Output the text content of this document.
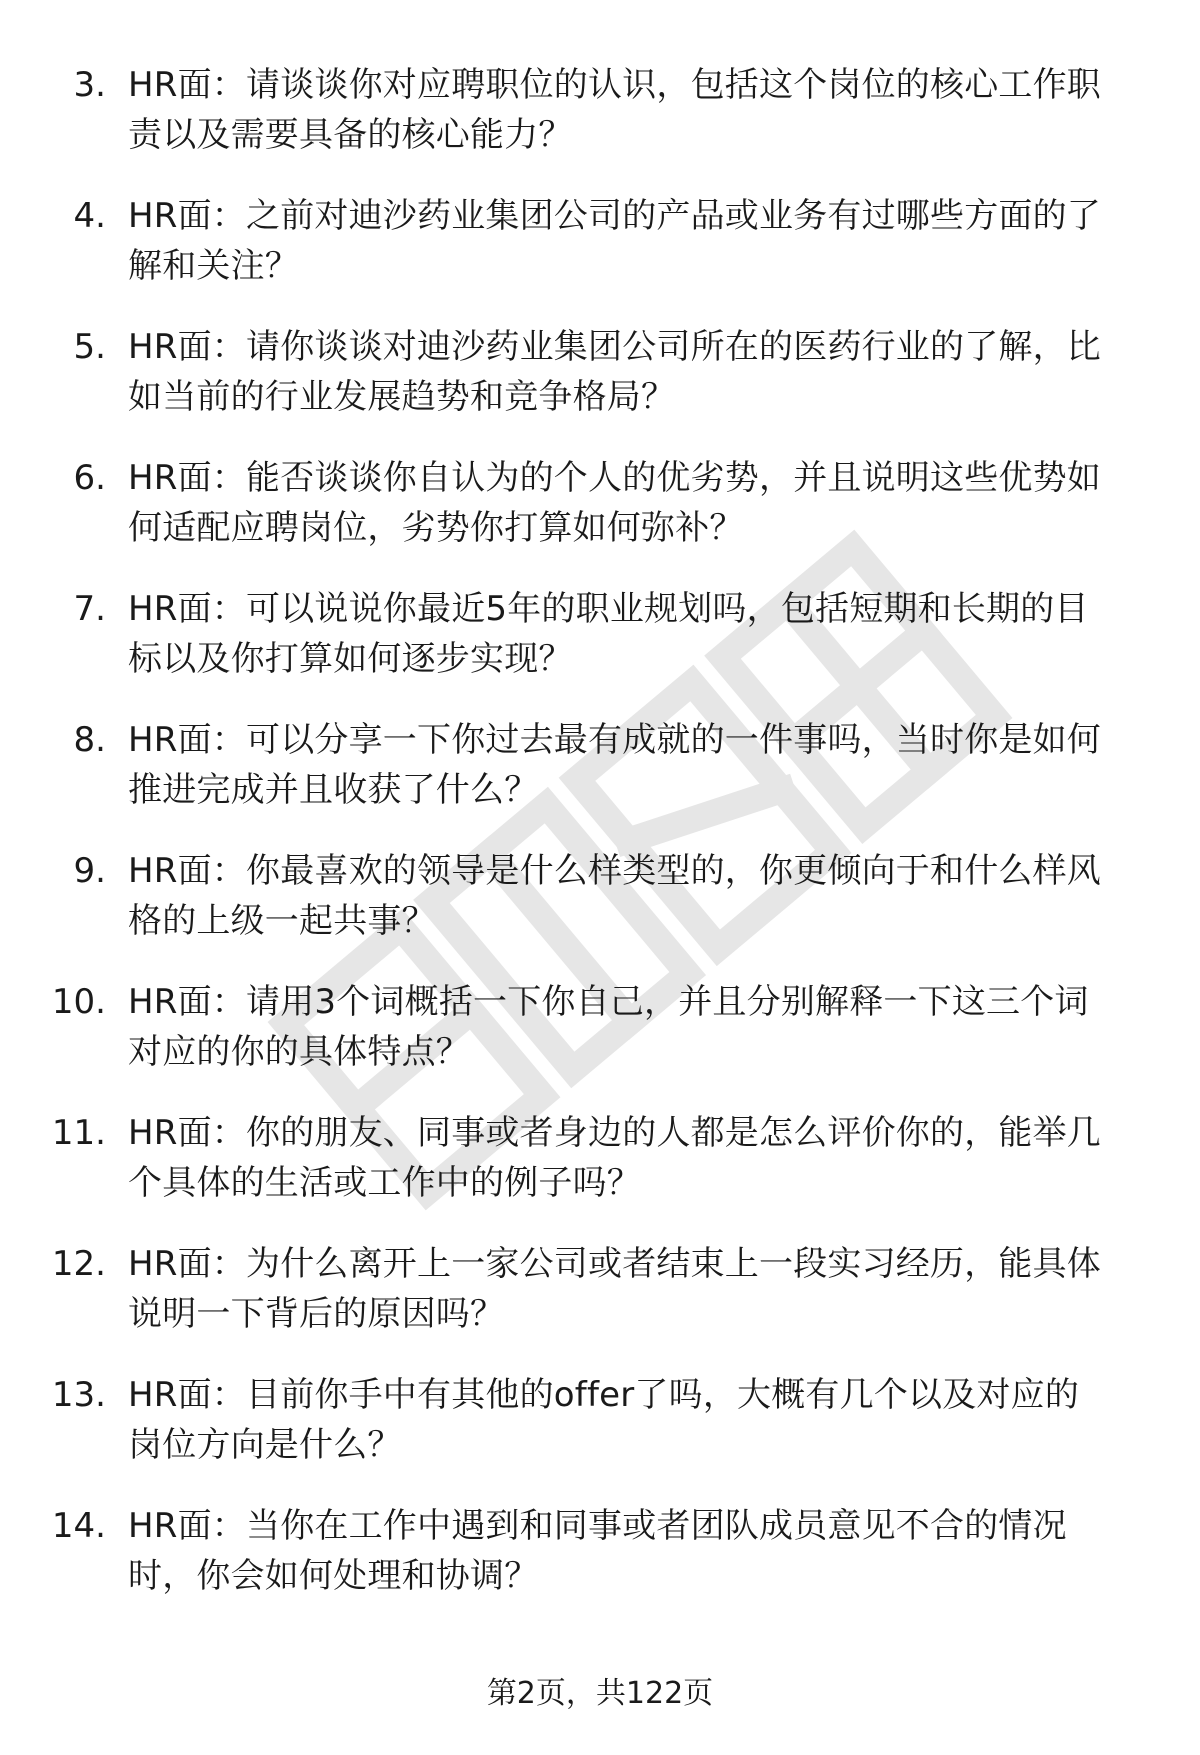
3. HR面：请谈谈你对应聘职位的认识，包括这个岗位的核心工作职
责以及需要具备的核心能力？
4. HR面：之前对迪沙药业集团公司的产品或业务有过哪些方面的了
解和关注？
5. HR面：请你谈谈对迪沙药业集团公司所在的医药行业的了解，比
如当前的行业发展趋势和竞争格局？
6. HR面：能否谈谈你自认为的个人的优劣势，并且说明这些优势如
何适配应聘岗位，劣势你打算如何弥补？
7. HR面：可以说说你最近5年的职业规划吗，包括短期和长期的目
标以及你打算如何逐步实现？
8. HR面：可以分享一下你过去最有成就的一件事吗，当时你是如何
推进完成并且收获了什么？
9. HR面：你最喜欢的领导是什么样类型的，你更倾向于和什么样风
格的上级一起共事？
10. HR面：请用3个词概括一下你自己，并且分别解释一下这三个词
对应的你的具体特点？
11. HR面：你的朋友、同事或者身边的人都是怎么评价你的，能举几
个具体的生活或工作中的例子吗？
12. HR面：为什么离开上一家公司或者结束上一段实习经历，能具体
说明一下背后的原因吗？
13. HR面：目前你手中有其他的offer了吗，大概有几个以及对应的
岗位方向是什么？
14. HR面：当你在工作中遇到和同事或者团队成员意见不合的情况
时，你会如何处理和协调？
第2页，共122页
